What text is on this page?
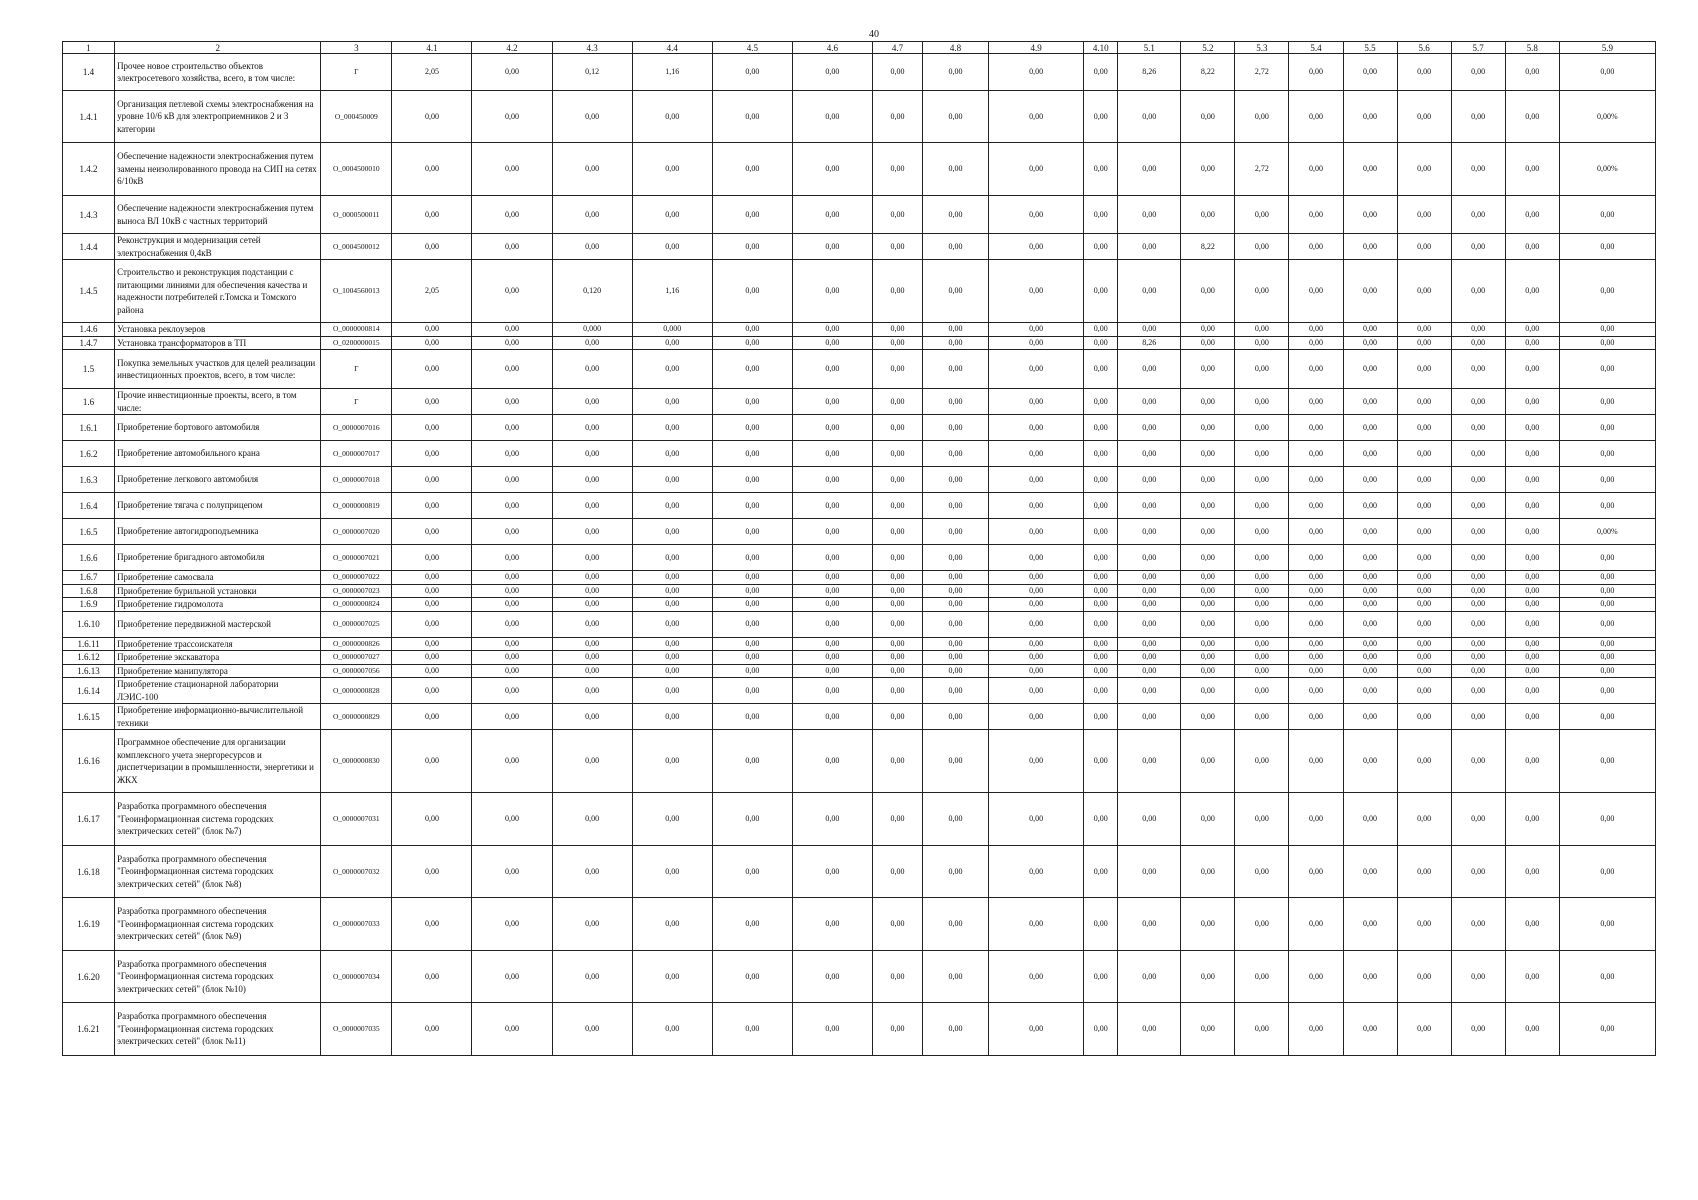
40
1	2	3	4.1	4.2	4.3	4.4	4.5	4.6	4.7	4.8	4.9	4.10	5.1	5.2	5.3	5.4	5.5	5.6	5.7	5.8	5.9
1.4	Прочее новое строительство объектов электросетевого хозяйства, всего, в том числе:	Г	2,05	0,00	0,12	1,16	0,00	0,00	0,00	0,00	0,00	0,00	8,26	8,22	2,72	0,00	0,00	0,00	0,00	0,00	0,00
1.4.1	Организация петлевой схемы электроснабжения на уровне 10/6 кВ для электроприемников 2 и 3 категории	О_000450009	0,00	0,00	0,00	0,00	0,00	0,00	0,00	0,00	0,00	0,00	0,00	0,00	0,00	0,00	0,00	0,00	0,00	0,00	0,00%
1.4.2	Обеспечение надежности электроснабжения путем замены неизолированного провода на СИП на сетях 6/10кВ	О_0004500010	0,00	0,00	0,00	0,00	0,00	0,00	0,00	0,00	0,00	0,00	0,00	0,00	2,72	0,00	0,00	0,00	0,00	0,00	0,00%
1.4.3	Обеспечение надежности электроснабжения путем выноса ВЛ 10кВ с частных территорий	О_0000500011	0,00	0,00	0,00	0,00	0,00	0,00	0,00	0,00	0,00	0,00	0,00	0,00	0,00	0,00	0,00	0,00	0,00	0,00	0,00
1.4.4	Реконструкция и модернизация сетей электроснабжения 0,4кВ	О_0004500012	0,00	0,00	0,00	0,00	0,00	0,00	0,00	0,00	0,00	0,00	0,00	8,22	0,00	0,00	0,00	0,00	0,00	0,00	0,00
1.4.5	Строительство и реконструкция подстанции с питающими линиями для обеспечения качества и надежности потребителей г.Томска и Томского района	О_1004560013	2,05	0,00	0,120	1,16	0,00	0,00	0,00	0,00	0,00	0,00	0,00	0,00	0,00	0,00	0,00	0,00	0,00	0,00	0,00
1.4.6	Установка реклоузеров	О_0000000814	0,00	0,00	0,000	0,000	0,00	0,00	0,00	0,00	0,00	0,00	0,00	0,00	0,00	0,00	0,00	0,00	0,00	0,00	0,00
1.4.7	Установка трансформаторов в ТП	О_0200000015	0,00	0,00	0,00	0,00	0,00	0,00	0,00	0,00	0,00	0,00	8,26	0,00	0,00	0,00	0,00	0,00	0,00	0,00	0,00
1.5	Покупка земельных участков для целей реализации инвестиционных проектов, всего, в том числе:	Г	0,00	0,00	0,00	0,00	0,00	0,00	0,00	0,00	0,00	0,00	0,00	0,00	0,00	0,00	0,00	0,00	0,00	0,00	0,00
1.6	Прочие инвестиционные проекты, всего, в том числе:	Г	0,00	0,00	0,00	0,00	0,00	0,00	0,00	0,00	0,00	0,00	0,00	0,00	0,00	0,00	0,00	0,00	0,00	0,00	0,00
1.6.1	Приобретение бортового автомобиля	О_0000007016	0,00	0,00	0,00	0,00	0,00	0,00	0,00	0,00	0,00	0,00	0,00	0,00	0,00	0,00	0,00	0,00	0,00	0,00	0,00
1.6.2	Приобретение автомобильного крана	О_0000007017	0,00	0,00	0,00	0,00	0,00	0,00	0,00	0,00	0,00	0,00	0,00	0,00	0,00	0,00	0,00	0,00	0,00	0,00	0,00
1.6.3	Приобретение легкового автомобиля	О_0000007018	0,00	0,00	0,00	0,00	0,00	0,00	0,00	0,00	0,00	0,00	0,00	0,00	0,00	0,00	0,00	0,00	0,00	0,00	0,00
1.6.4	Приобретение тягача с полуприцепом	О_0000000819	0,00	0,00	0,00	0,00	0,00	0,00	0,00	0,00	0,00	0,00	0,00	0,00	0,00	0,00	0,00	0,00	0,00	0,00	0,00
1.6.5	Приобретение автогидроподъемника	О_0000007020	0,00	0,00	0,00	0,00	0,00	0,00	0,00	0,00	0,00	0,00	0,00	0,00	0,00	0,00	0,00	0,00	0,00	0,00	0,00%
1.6.6	Приобретение бригадного автомобиля	О_0000007021	0,00	0,00	0,00	0,00	0,00	0,00	0,00	0,00	0,00	0,00	0,00	0,00	0,00	0,00	0,00	0,00	0,00	0,00	0,00
1.6.7	Приобретение самосвала	О_0000007022	0,00	0,00	0,00	0,00	0,00	0,00	0,00	0,00	0,00	0,00	0,00	0,00	0,00	0,00	0,00	0,00	0,00	0,00	0,00
1.6.8	Приобретение бурильной установки	О_0000007023	0,00	0,00	0,00	0,00	0,00	0,00	0,00	0,00	0,00	0,00	0,00	0,00	0,00	0,00	0,00	0,00	0,00	0,00	0,00
1.6.9	Приобретение гидромолота	О_0000000824	0,00	0,00	0,00	0,00	0,00	0,00	0,00	0,00	0,00	0,00	0,00	0,00	0,00	0,00	0,00	0,00	0,00	0,00	0,00
1.6.10	Приобретение передвижной мастерской	О_0000007025	0,00	0,00	0,00	0,00	0,00	0,00	0,00	0,00	0,00	0,00	0,00	0,00	0,00	0,00	0,00	0,00	0,00	0,00	0,00
1.6.11	Приобретение трассоискателя	О_0000000826	0,00	0,00	0,00	0,00	0,00	0,00	0,00	0,00	0,00	0,00	0,00	0,00	0,00	0,00	0,00	0,00	0,00	0,00	0,00
1.6.12	Приобретение экскаватора	О_0000007027	0,00	0,00	0,00	0,00	0,00	0,00	0,00	0,00	0,00	0,00	0,00	0,00	0,00	0,00	0,00	0,00	0,00	0,00	0,00
1.6.13	Приобретение манипулятора	О_0000007056	0,00	0,00	0,00	0,00	0,00	0,00	0,00	0,00	0,00	0,00	0,00	0,00	0,00	0,00	0,00	0,00	0,00	0,00	0,00
1.6.14	Приобретение стационарной лаборатории ЛЭИС-100	О_0000000828	0,00	0,00	0,00	0,00	0,00	0,00	0,00	0,00	0,00	0,00	0,00	0,00	0,00	0,00	0,00	0,00	0,00	0,00	0,00
1.6.15	Приобретение информационно-вычислительной техники	О_0000000829	0,00	0,00	0,00	0,00	0,00	0,00	0,00	0,00	0,00	0,00	0,00	0,00	0,00	0,00	0,00	0,00	0,00	0,00	0,00
1.6.16	Программное обеспечение для организации комплексного учета энергоресурсов и диспетчеризации в промышленности, энергетики и ЖКХ	О_0000000830	0,00	0,00	0,00	0,00	0,00	0,00	0,00	0,00	0,00	0,00	0,00	0,00	0,00	0,00	0,00	0,00	0,00	0,00	0,00
1.6.17	Разработка программного обеспечения "Геоинформационная система городских электрических сетей" (блок №7)	О_0000007031	0,00	0,00	0,00	0,00	0,00	0,00	0,00	0,00	0,00	0,00	0,00	0,00	0,00	0,00	0,00	0,00	0,00	0,00	0,00
1.6.18	Разработка программного обеспечения "Геоинформационная система городских электрических сетей" (блок №8)	О_0000007032	0,00	0,00	0,00	0,00	0,00	0,00	0,00	0,00	0,00	0,00	0,00	0,00	0,00	0,00	0,00	0,00	0,00	0,00	0,00
1.6.19	Разработка программного обеспечения "Геоинформационная система городских электрических сетей" (блок №9)	О_0000007033	0,00	0,00	0,00	0,00	0,00	0,00	0,00	0,00	0,00	0,00	0,00	0,00	0,00	0,00	0,00	0,00	0,00	0,00	0,00
1.6.20	Разработка программного обеспечения "Геоинформационная система городских электрических сетей" (блок №10)	О_0000007034	0,00	0,00	0,00	0,00	0,00	0,00	0,00	0,00	0,00	0,00	0,00	0,00	0,00	0,00	0,00	0,00	0,00	0,00	0,00
1.6.21	Разработка программного обеспечения "Геоинформационная система городских электрических сетей" (блок №11)	О_0000007035	0,00	0,00	0,00	0,00	0,00	0,00	0,00	0,00	0,00	0,00	0,00	0,00	0,00	0,00	0,00	0,00	0,00	0,00	0,00
